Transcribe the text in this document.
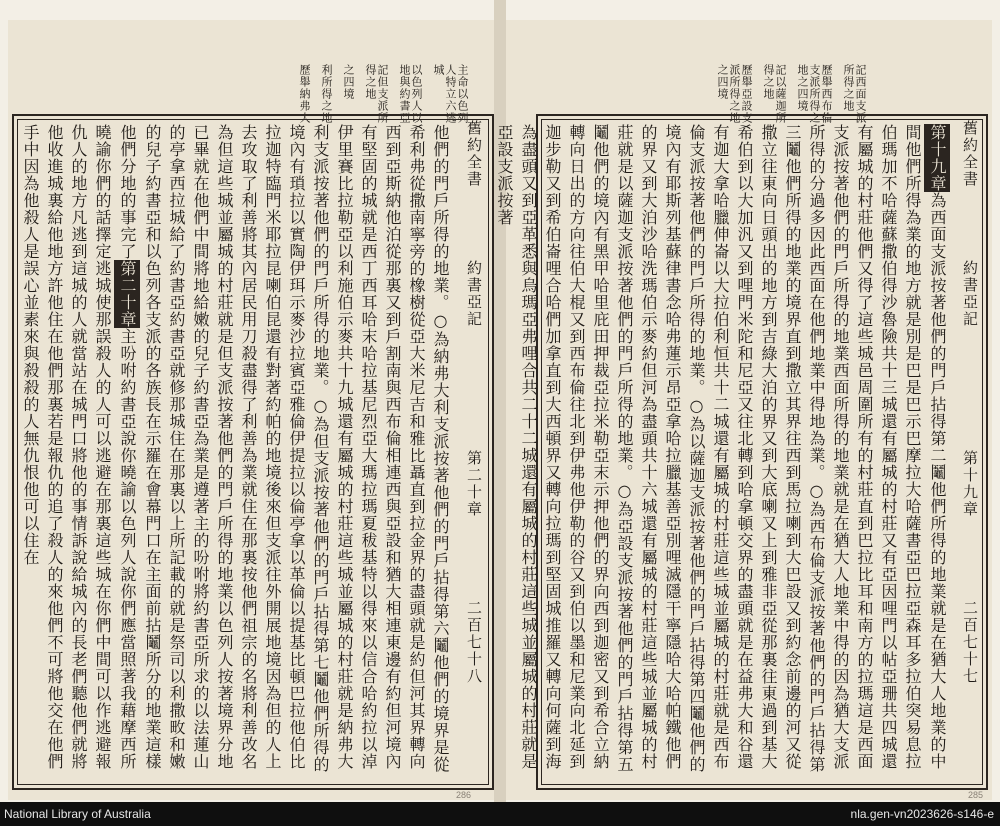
主命以色列人特立六逃城 以色列人以地與約書亞 記但支派所得之地 之四境 利所得之地 歷舉納弗大
舊約全書
約書亞記
第二十章
二百七十八
他們的門戶所得的地業。○為納弗大利支派按著他們的門戶拈得第六鬮他們的境界是從希利弗從撒南寧旁的橡樹從亞大米尼吉和雅比聶直到拉金界的盡頭就是約但河其界轉向西到亞斯納他泊從那裏又到戶割南與西布倫相連西與亞設和猶大相連東邊有約但河境內有堅固的城就是西丁西耳哈末哈拉基尼烈亞大瑪拉瑪夏秡基特以得來以信合哈約拉以淖伊里賽比拉勒亞以利施伯示麥共十九城還有屬城的村莊這些城並屬城的村莊就是納弗大利支派按著他們的門戶所得的地業。○為但支派按著他們的門戶拈得第七鬮他們所得的境內有瑣拉以實陶伊珥示麥沙拉賓亞雅倫伊提拉以倫亭拿以革倫以提基比頓巴拉他伯比拉迦特臨門米耶拉昆喇伯昆還有對著約帕的地境後來但支派往外開展地境因為但的人上去攻取了利善將其內居民用刀殺盡得了利善為業就住在那裏按他們祖宗的名將利善改名為但這些城並屬城的村莊就是但支派按著他們的門戶所得的地業以色列人按著境界分地已畢就在他們中間將地給嫩的兒子約書亞為業是遵著主的吩咐將約書亞所求的以法蓮山的亭拿西拉城給了約書亞約書亞就修那城住在那裏以上所記載的就是祭司以利撒畋和嫩的兒子約書亞和以色列各支派的各族長在示羅在會幕門口在主面前拈鬮所分的地業這樣他們分地的事完了第二十章主吩咐約書亞說你曉諭以色列人說你們應當照著我藉摩西所曉諭你們的話擇定逃城使那誤殺人的人可以逃避在那裏這些城在你們中間可以作逃避報仇人的地方凡逃到這城的人就當站在城門口將他的事情訴說給城內的長老們聽他們就將他收進城裏給他地方許他住在他們那裏若是報仇的追了殺人的來他們不可將他交在他們手中因為他殺人是誤心並素來與殺殺的人無仇恨他可以住在
286
記西面支派所得之地 歷舉西布倫支派所得之地之四境 記以薩迦所得之地 歷舉亞設支派所得之地之四境
舊約全書
約書亞記
第十九章
二百七十七
第十九章為西面支派按著他們的門戶拈得第二鬮他們所得的地業就是在猶大人地業的中間他們所得為業的地方就是別是巴是巴示巴摩拉大哈薩書亞巴拉亞森耳多拉伯突易息拉伯瑪加不哈薩蘇撒伯得沙魯險共十三城還有屬城的村莊又有亞因哩門以帖亞珊共四城還有屬城的村莊他們又得了這些城邑周圍所有的村莊直到巴拉比耳和南方的拉瑪這是西面支派按著他們的門戶所得的地業西面所得的地業就是在猶大人地業中得的因為猶大支派所得的分過多因此西面在他們地業中得地為業。○為西布倫支派按著他們的門戶拈得第三鬮他們所得的地業的境界直到撒立其界往西到馬拉喇到大巴設又到約念前邊的河又從撒立往東向日頭出的地方到吉綠大泊的界又到大底喇又上到雅非亞從那裏往東過到基大希伯到以大加汎又到哩門米陀和尼亞又往北轉到哈拿頓交界的盡頭就是在益弗大和谷還有迦大拿哈臘伸崙以大拉伯利恒共十二城還有屬城的村莊這些城並屬城的村莊就是西布倫支派按著他們的門戶所得的地業。○為以薩迦支派按著他們的門戶拈得第四鬮他們的境內有耶斯列基蘇律書念哈弗蓮示昂亞拿哈拉臘基善亞別哩滅隱干寧隱哈大哈帕鐵他們的界又到大泊沙哈洗瑪伯示麥約但河為盡頭共十六城還有屬城的村莊這些城並屬城的村莊就是以薩迦支派按著他們的門戶所得的地業。○為亞設支派按著他們的門戶拈得第五鬮他們的境內有黑甲哈里庇田押裁亞拉米勒亞末示押他們的界向西到迦密又到希合立納轉向日出的方向往伯大棍又到西布倫往北到伊弗他伊勒的谷又到伯以墨和尼業向北延到迦步勒又到希伯崙哩合哈們加拿直到大西頓界又轉向拉瑪到堅固城推羅又轉向何薩到海為盡頭又到亞革悉與烏瑪亞弗哩合共二十二城還有屬城的村莊這些城並屬城的村莊就是亞設支派按著
285
National Library of Australia	nla.gen-vn2023626-s146-e
